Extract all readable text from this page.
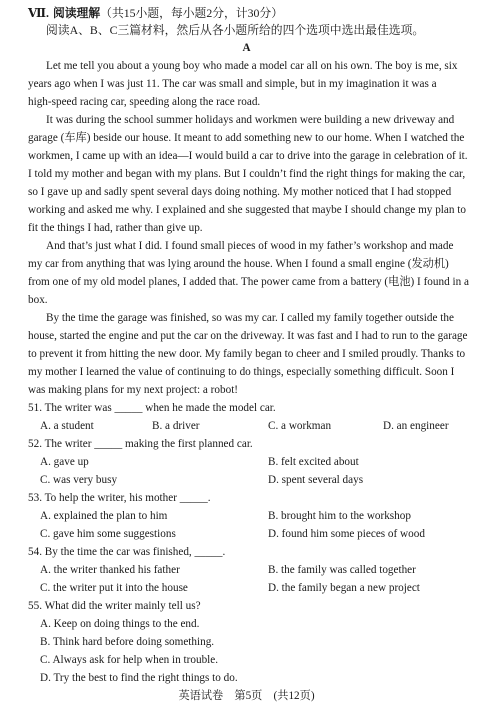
Ⅶ. 阅读理解（共15小题，每小题2分，计30分）
阅读A、B、C三篇材料，然后从各小题所给的四个选项中选出最佳选项。
A
Let me tell you about a young boy who made a model car all on his own. The boy is me, six
years ago when I was just 11. The car was small and simple, but in my imagination it was a
high-speed racing car, speeding along the race road.
It was during the school summer holidays and workmen were building a new driveway and
garage (车库) beside our house. It meant to add something new to our home. When I watched the
workmen, I came up with an idea—I would build a car to drive into the garage in celebration of it.
I told my mother and began with my plans. But I couldn’t find the right things for making the car,
so I gave up and sadly spent several days doing nothing. My mother noticed that I had stopped
working and asked me why. I explained and she suggested that maybe I should change my plan to
fit the things I had, rather than give up.
And that’s just what I did. I found small pieces of wood in my father’s workshop and made
my car from anything that was lying around the house. When I found a small engine (发动机)
from one of my old model planes, I added that. The power came from a battery (电池) I found in a
box.
By the time the garage was finished, so was my car. I called my family together outside the
house, started the engine and put the car on the driveway. It was fast and I had to run to the garage
to prevent it from hitting the new door. My family began to cheer and I smiled proudly. Thanks to
my mother I learned the value of continuing to do things, especially something difficult. Soon I
was making plans for my next project: a robot!
51. The writer was _____ when he made the model car.
A. a student	B. a driver	C. a workman	D. an engineer
52. The writer _____ making the first planned car.
A. gave up	B. felt excited about
C. was very busy	D. spent several days
53. To help the writer, his mother _____.
A. explained the plan to him	B. brought him to the workshop
C. gave him some suggestions	D. found him some pieces of wood
54. By the time the car was finished, _____.
A. the writer thanked his father	B. the family was called together
C. the writer put it into the house	D. the family began a new project
55. What did the writer mainly tell us?
A. Keep on doing things to the end.
B. Think hard before doing something.
C. Always ask for help when in trouble.
D. Try the best to find the right things to do.
英语试卷　第5页　(共12页)
